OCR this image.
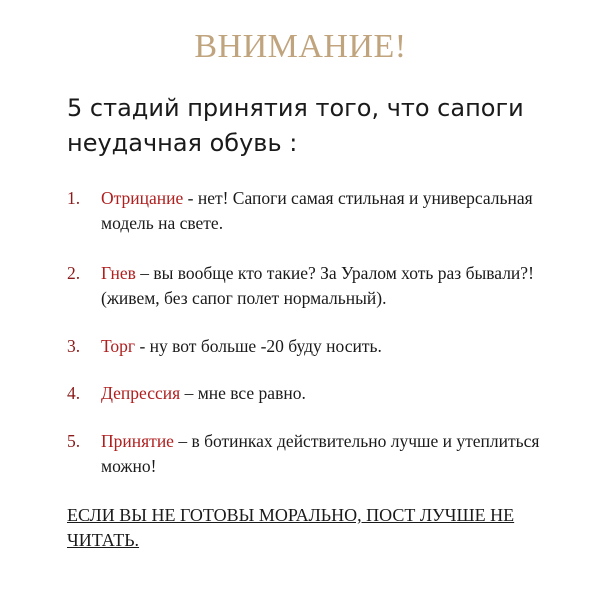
ВНИМАНИЕ!
5 стадий принятия того, что сапоги неудачная обувь :
1.	Отрицание - нет! Сапоги самая стильная и универсальная модель на свете.
2.	Гнев – вы вообще кто такие? За Уралом хоть раз бывали?! (живем, без сапог полет нормальный).
3.	Торг - ну вот больше -20 буду носить.
4.	Депрессия – мне все равно.
5.	Принятие – в ботинках действительно лучше и утеплиться можно!
ЕСЛИ ВЫ НЕ ГОТОВЫ МОРАЛЬНО, ПОСТ ЛУЧШЕ НЕ ЧИТАТЬ.
